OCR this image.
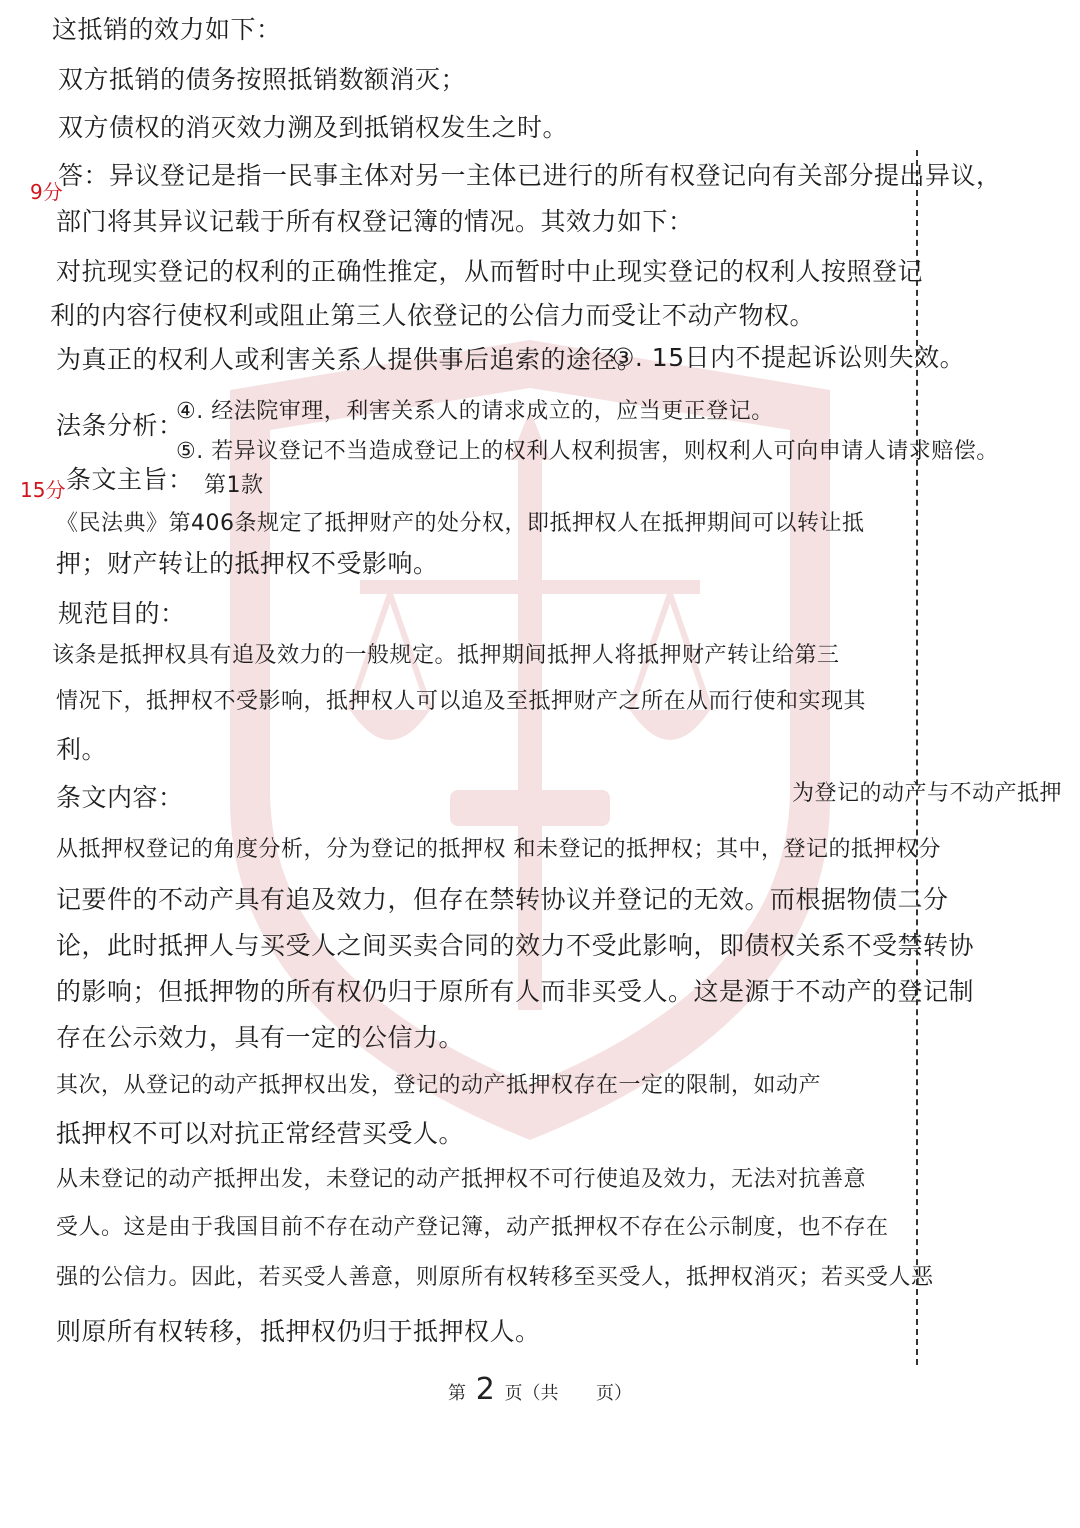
这抵销的效力如下：

双方抵销的债务按照抵销数额消灭；

双方债权的消灭效力溯及到抵销权发生之时。

答：异议登记是指一民事主体对另一主体已进行的所有权登记向有关部分提出异议，

部门将其异议记载于所有权登记簿的情况。其效力如下：

对抗现实登记的权利的正确性推定，从而暂时中止现实登记的权利人按照登记

利的内容行使权利或阻止第三人依登记的公信力而受让不动产物权。

为真正的权利人或利害关系人提供事后追索的途径。

③. 15日内不提起诉讼则失效。

法条分析：

④. 经法院审理，利害关系人的请求成立的，应当更正登记。

⑤. 若异议登记不当造成登记上的权利人权利损害，则权利人可向申请人请求赔偿。

条文主旨： 第1款

《民法典》第406条规定了抵押财产的处分权，即抵押权人在抵押期间可以转让抵

押；财产转让的抵押权不受影响。

规范目的：

该条是抵押权具有追及效力的一般规定。抵押期间抵押人将抵押财产转让给第三

情况下，抵押权不受影响，抵押权人可以追及至抵押财产之所在从而行使和实现其

利。

条文内容：	为登记的动产与不动产抵押

从抵押权登记的角度分析，分为登记的抵押权 和未登记的抵押权；其中，登记的抵押权分

记要件的不动产具有追及效力，但存在禁转协议并登记的无效。而根据物债二分

论，此时抵押人与买受人之间买卖合同的效力不受此影响，即债权关系不受禁转协

的影响；但抵押物的所有权仍归于原所有人而非买受人。这是源于不动产的登记制

存在公示效力，具有一定的公信力。

其次，从登记的动产抵押权出发，登记的动产抵押权存在一定的限制，如动产

抵押权不可以对抗正常经营买受人。

从未登记的动产抵押出发，未登记的动产抵押权不可行使追及效力，无法对抗善意

受人。这是由于我国目前不存在动产登记簿，动产抵押权不存在公示制度，也不存在

强的公信力。因此，若买受人善意，则原所有权转移至买受人，抵押权消灭；若买受人恶

则原所有权转移，抵押权仍归于抵押权人。

9分

15分

第 2 页（共 页）
